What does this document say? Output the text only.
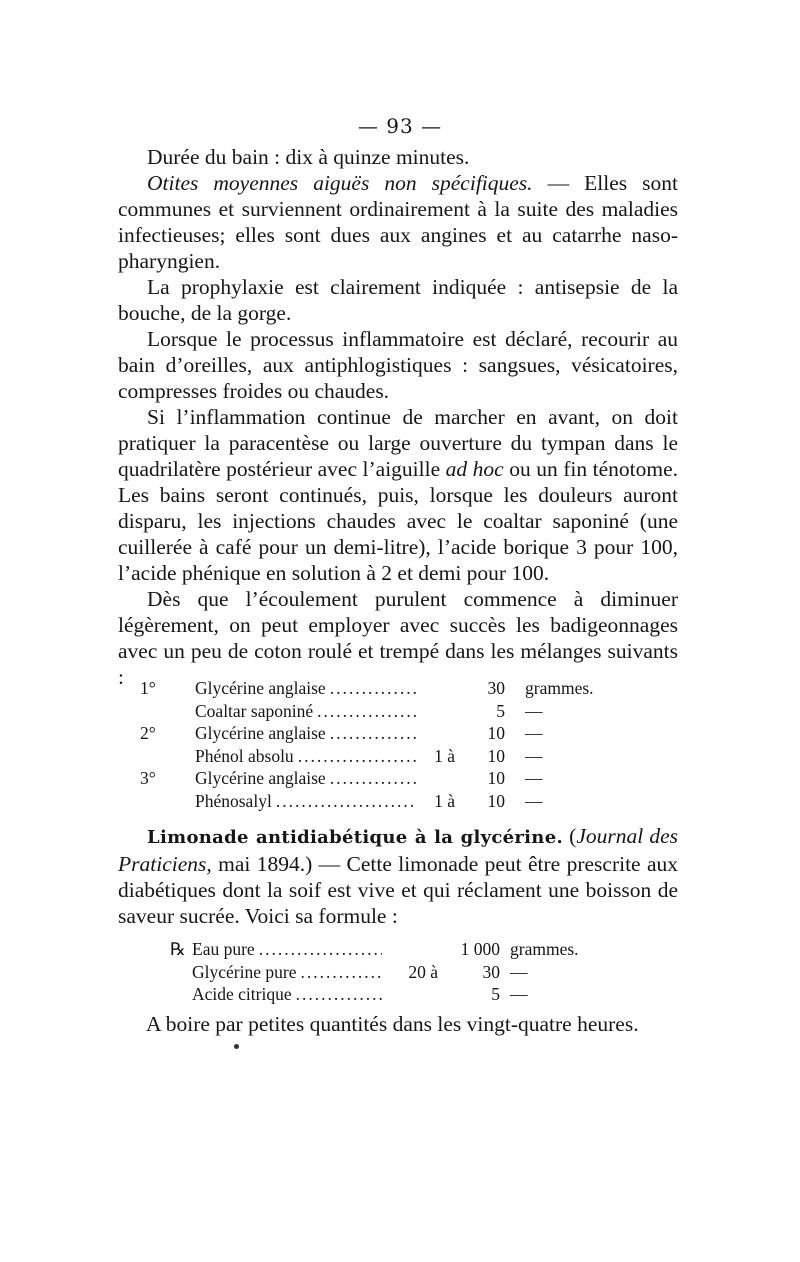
— 93 —

Durée du bain : dix à quinze minutes.

Otites moyennes aiguës non spécifiques. — Elles sont communes et surviennent ordinairement à la suite des maladies infectieuses; elles sont dues aux angines et au catarrhe naso-pharyngien.

La prophylaxie est clairement indiquée : antisepsie de la bouche, de la gorge.

Lorsque le processus inflammatoire est déclaré, recourir au bain d’oreilles, aux antiphlogistiques : sangsues, vésicatoires, compresses froides ou chaudes.

Si l’inflammation continue de marcher en avant, on doit pratiquer la paracentèse ou large ouverture du tympan dans le quadrilatère postérieur avec l’aiguille ad hoc ou un fin ténotome. Les bains seront continués, puis, lorsque les douleurs auront disparu, les injections chaudes avec le coaltar saponiné (une cuillerée à café pour un demi-litre), l’acide borique 3 pour 100, l’acide phénique en solution à 2 et demi pour 100.

Dès que l’écoulement purulent commence à diminuer légèrement, on peut employer avec succès les badigeonnages avec un peu de coton roulé et trempé dans les mélanges suivants : 1°	Glycérine anglaise .....	30	grammes.
Coaltar saponiné .....	5	—
2°	Glycérine anglaise .....	10	—
Phénol absolu .....	1 à	10	—
3°	Glycérine anglaise .....	10	—
Phénosalyl .....	1 à	10	—

Limonade antidiabétique à la glycérine. (Journal des Praticiens, mai 1894.) — Cette limonade peut être prescrite aux diabétiques dont la soif est vive et qui réclament une boisson de saveur sucrée. Voici sa formule :

℞ Eau pure .....	1 000 grammes.
Glycérine pure .....	20 à	30 —
Acide citrique .....	5 —
A boire par petites quantités dans les vingt-quatre heures.
